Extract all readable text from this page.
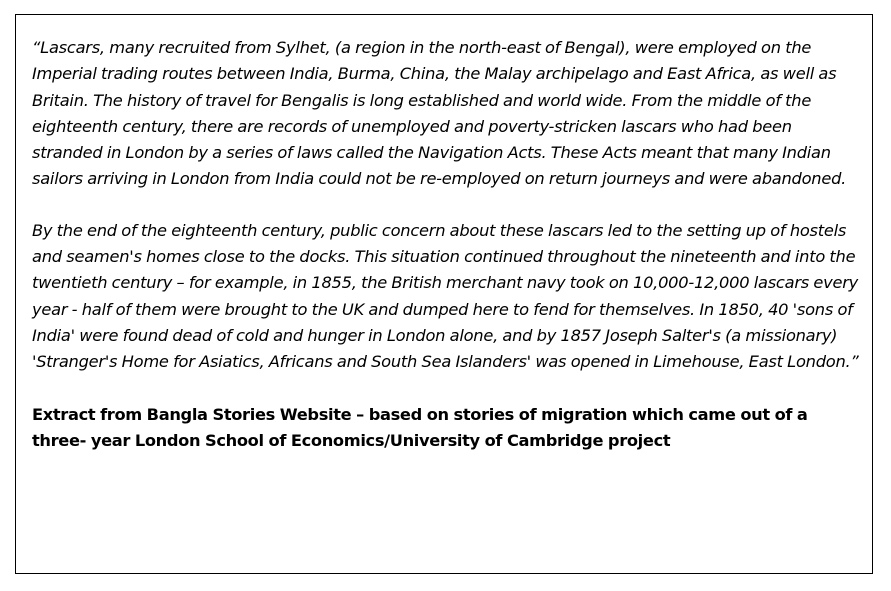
“Lascars, many recruited from Sylhet, (a region in the north-east of Bengal), were employed on the Imperial trading routes between India, Burma, China, the Malay archipelago and East Africa, as well as Britain. The history of travel for Bengalis is long established and world wide. From the middle of the eighteenth century, there are records of unemployed and poverty-stricken lascars who had been stranded in London by a series of laws called the Navigation Acts. These Acts meant that many Indian sailors arriving in London from India could not be re-employed on return journeys and were abandoned.

By the end of the eighteenth century, public concern about these lascars led to the setting up of hostels and seamen's homes close to the docks. This situation continued throughout the nineteenth and into the twentieth century – for example, in 1855, the British merchant navy took on 10,000-12,000 lascars every year - half of them were brought to the UK and dumped here to fend for themselves. In 1850, 40 'sons of India' were found dead of cold and hunger in London alone, and by 1857 Joseph Salter's (a missionary) 'Stranger's Home for Asiatics, Africans and South Sea Islanders' was opened in Limehouse, East London.”

Extract from Bangla Stories Website – based on stories of migration which came out of a three- year London School of Economics/University of Cambridge project
